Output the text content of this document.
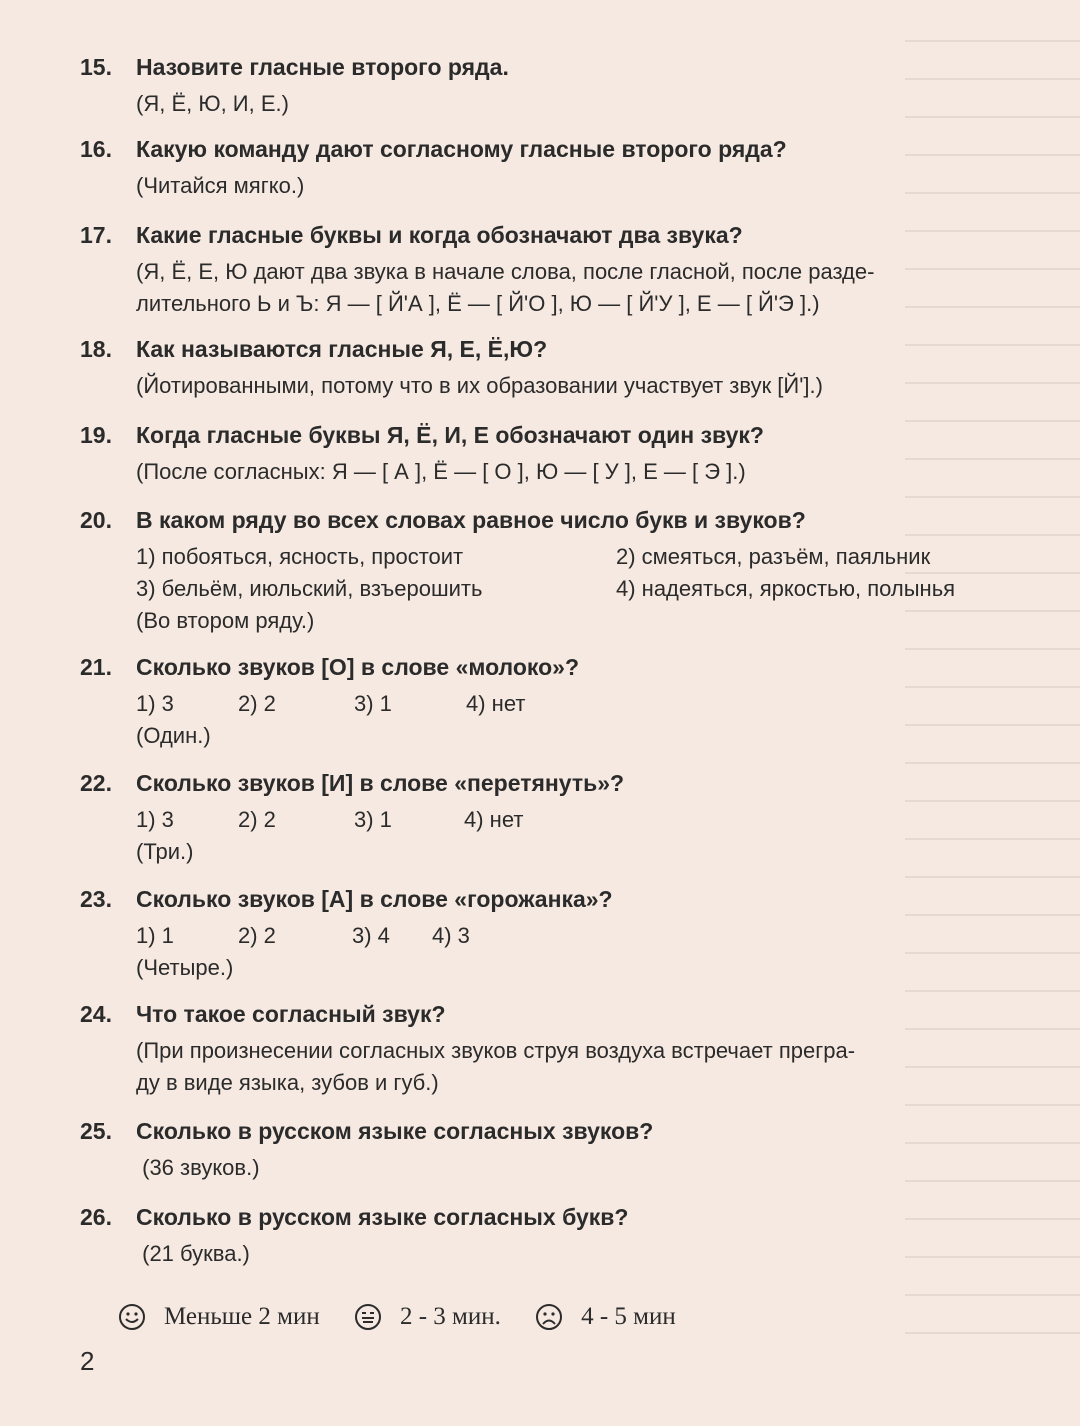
15. Назовите гласные второго ряда.
(Я, Ё, Ю, И, Е.)
16. Какую команду дают согласному гласные второго ряда?
(Читайся мягко.)
17. Какие гласные буквы и когда обозначают два звука?
(Я, Ё, Е, Ю дают два звука в начале слова, после гласной, после разде-
лительного Ь и Ъ: Я — [ Й'А ], Ё — [ Й'О ], Ю — [ Й'У ], Е — [ Й'Э ].)
18. Как называются гласные Я, Е, Ё,Ю?
(Йотированными, потому что в их образовании участвует звук [Й'].)
19. Когда гласные буквы Я, Ё, И, Е обозначают один звук?
(После согласных: Я — [ А ], Ё — [ О ], Ю — [ У ], Е — [ Э ].)
20. В каком ряду во всех словах равное число букв и звуков?
1) побояться, ясность, простоит	2) смеяться, разъём, паяльник
3) бельём, июльский, взъерошить	4) надеяться, яркостью, полынья
(Во втором ряду.)
21. Сколько звуков [О] в слове «молоко»?
1) 3	2) 2	3) 1	4) нет
(Один.)
22. Сколько звуков [И] в слове «перетянуть»?
1) 3	2) 2	3) 1	4) нет
(Три.)
23. Сколько звуков [А] в слове «горожанка»?
1) 1	2) 2	3) 4 4) 3
(Четыре.)
24. Что такое согласный звук?
(При произнесении согласных звуков струя воздуха встречает прегра-
ду в виде языка, зубов и губ.)
25. Сколько в русском языке согласных звуков?
(36 звуков.)
26. Сколько в русском языке согласных букв?
(21 буква.)
Меньше 2 мин
	2 - 3 мин.
	4 - 5 мин
2
